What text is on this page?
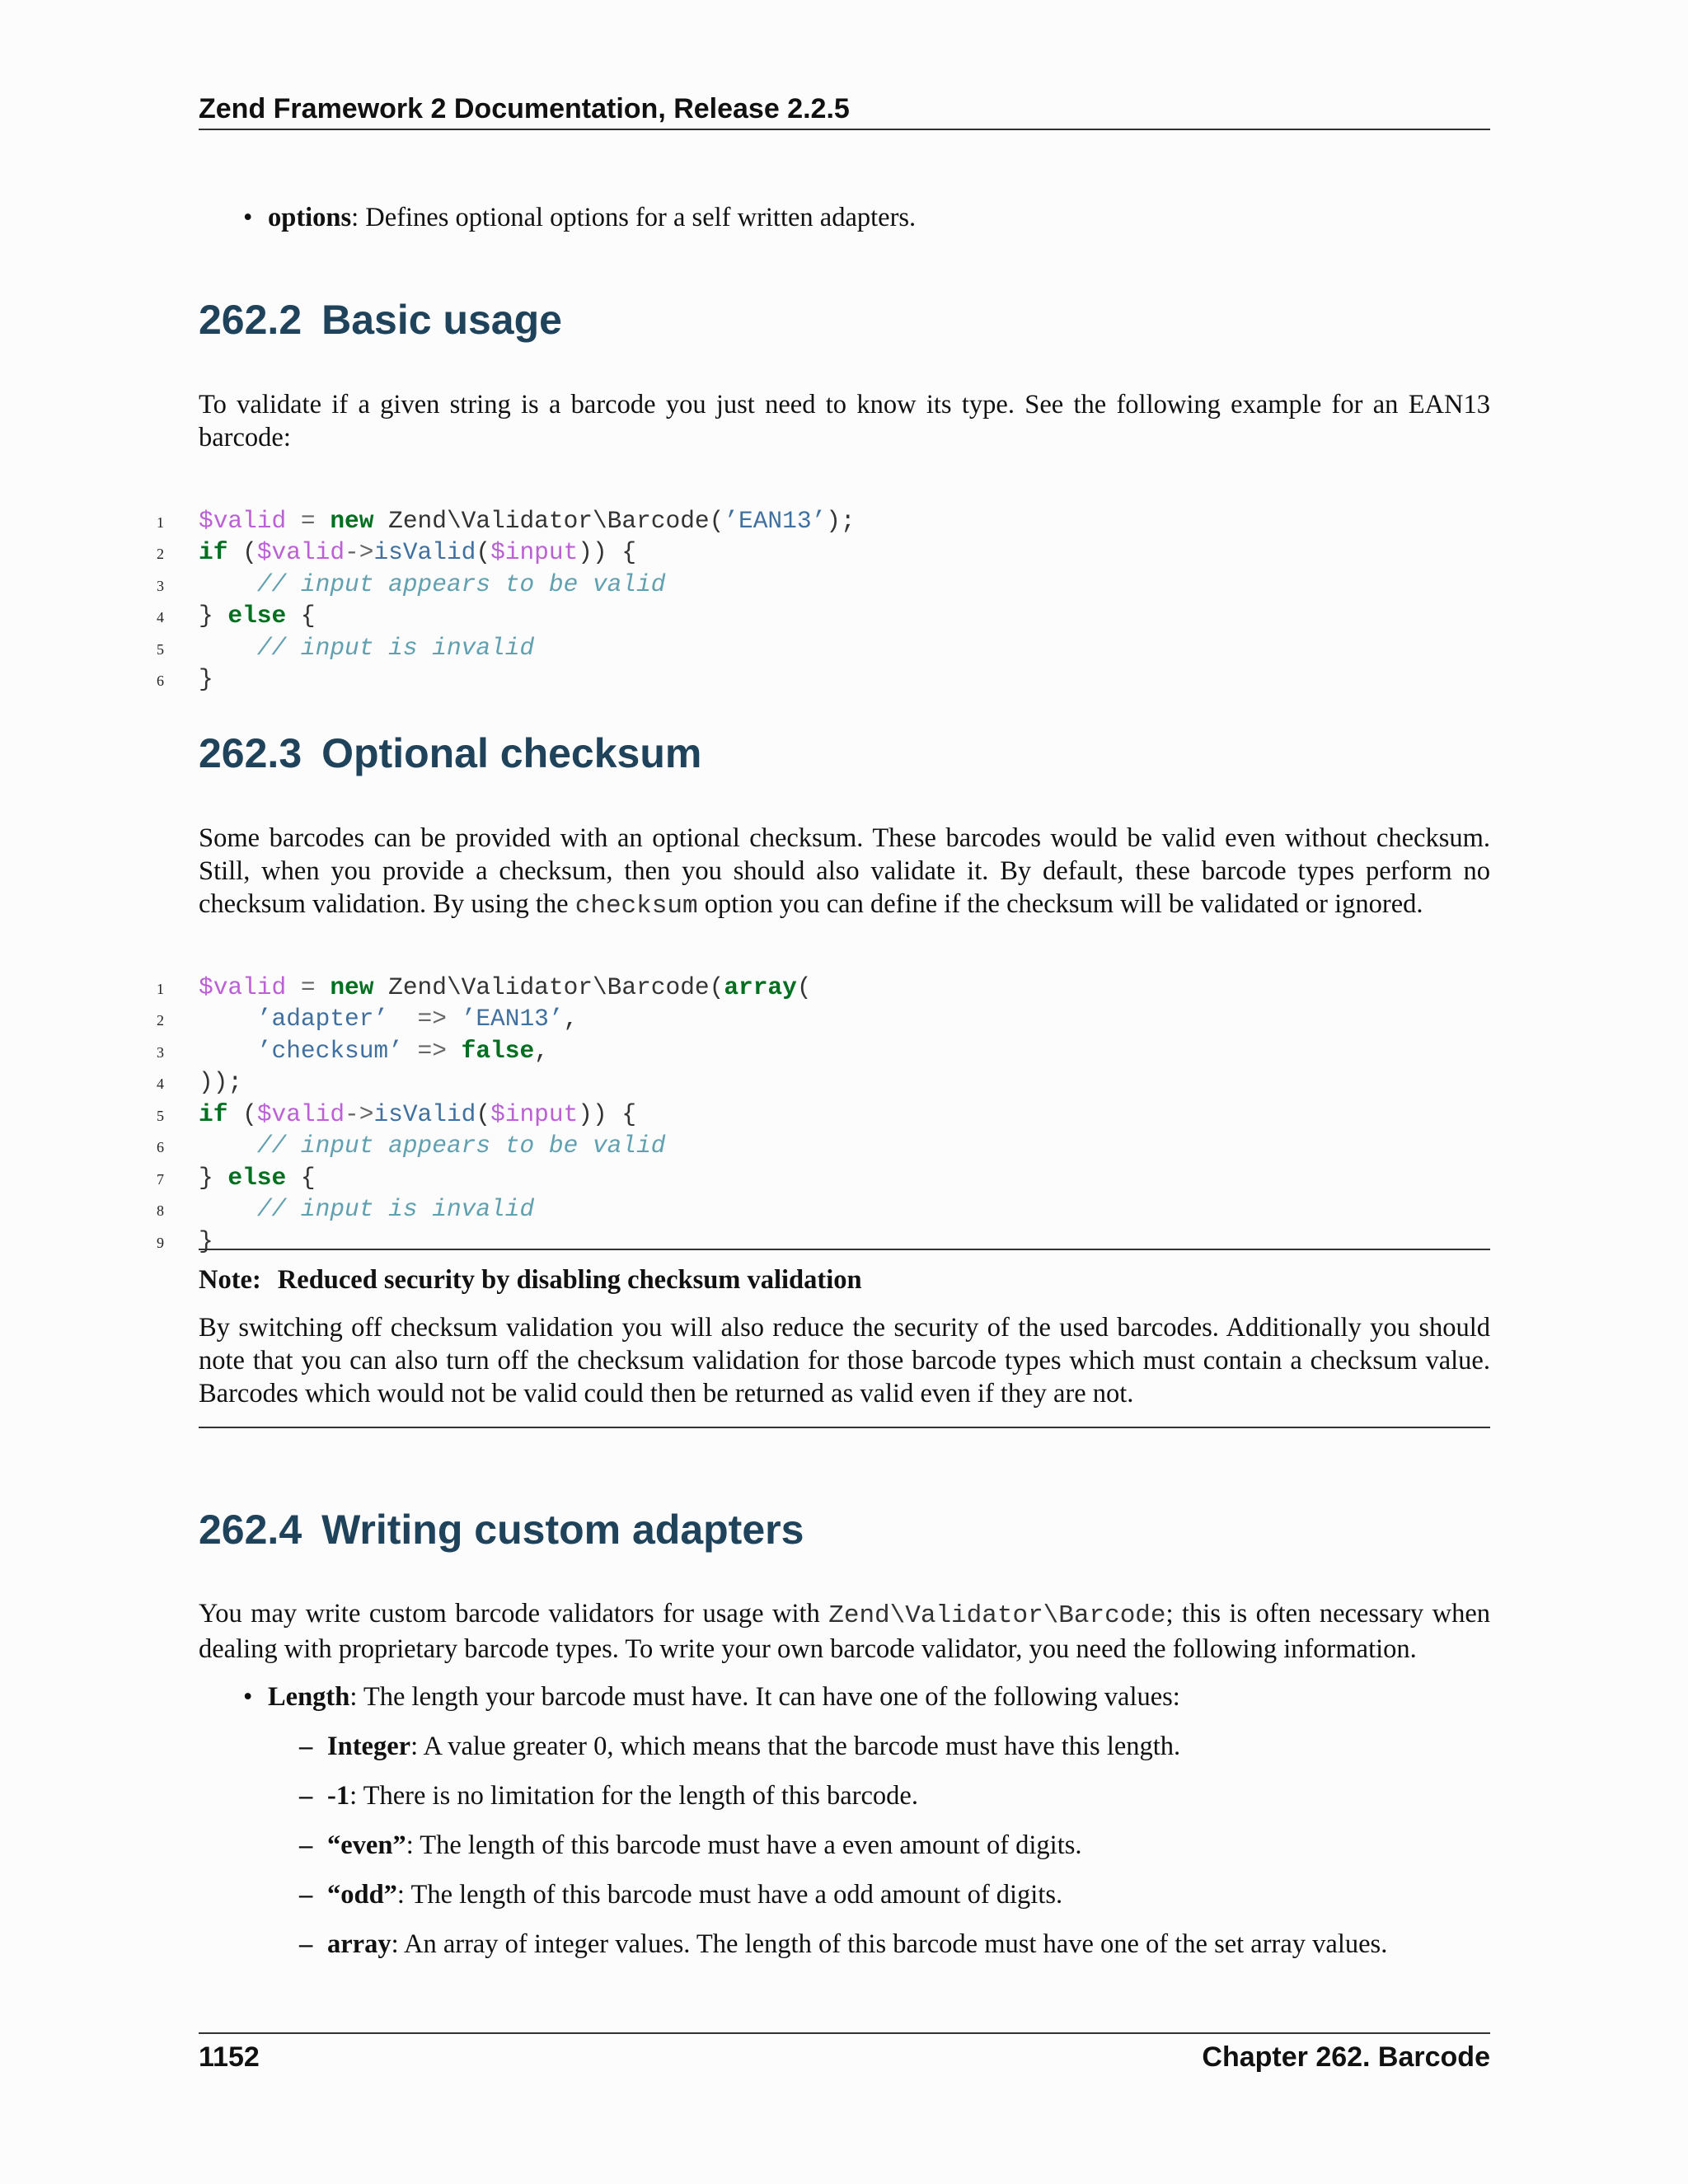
Zend Framework 2 Documentation, Release 2.2.5
• options: Defines optional options for a self written adapters.
262.2 Basic usage

To validate if a given string is a barcode you just need to know its type. See the following example for an EAN13 barcode:

1 $valid = new Zend\Validator\Barcode(’EAN13’);
2 if ($valid->isValid($input)) {
3	// input appears to be valid
4 } else {
5	// input is invalid
6 }

262.3 Optional checksum

Some barcodes can be provided with an optional checksum. These barcodes would be valid even without checksum. Still, when you provide a checksum, then you should also validate it. By default, these barcode types perform no checksum validation. By using the checksum option you can define if the checksum will be validated or ignored.

1 $valid = new Zend\Validator\Barcode(array(
2	’adapter’ => ’EAN13’,
3	’checksum’ => false,
4 ));
5 if ($valid->isValid($input)) {
6	// input appears to be valid
7 } else {
8	// input is invalid
9 }

Note: Reduced security by disabling checksum validation

By switching off checksum validation you will also reduce the security of the used barcodes. Additionally you should note that you can also turn off the checksum validation for those barcode types which must contain a checksum value. Barcodes which would not be valid could then be returned as valid even if they are not.

262.4 Writing custom adapters

You may write custom barcode validators for usage with Zend\Validator\Barcode; this is often necessary when dealing with proprietary barcode types. To write your own barcode validator, you need the following information.

• Length: The length your barcode must have. It can have one of the following values:
– Integer: A value greater 0, which means that the barcode must have this length.
– -1: There is no limitation for the length of this barcode.
– “even”: The length of this barcode must have a even amount of digits.
– “odd”: The length of this barcode must have a odd amount of digits.
– array: An array of integer values. The length of this barcode must have one of the set array values.
1152	Chapter 262. Barcode
